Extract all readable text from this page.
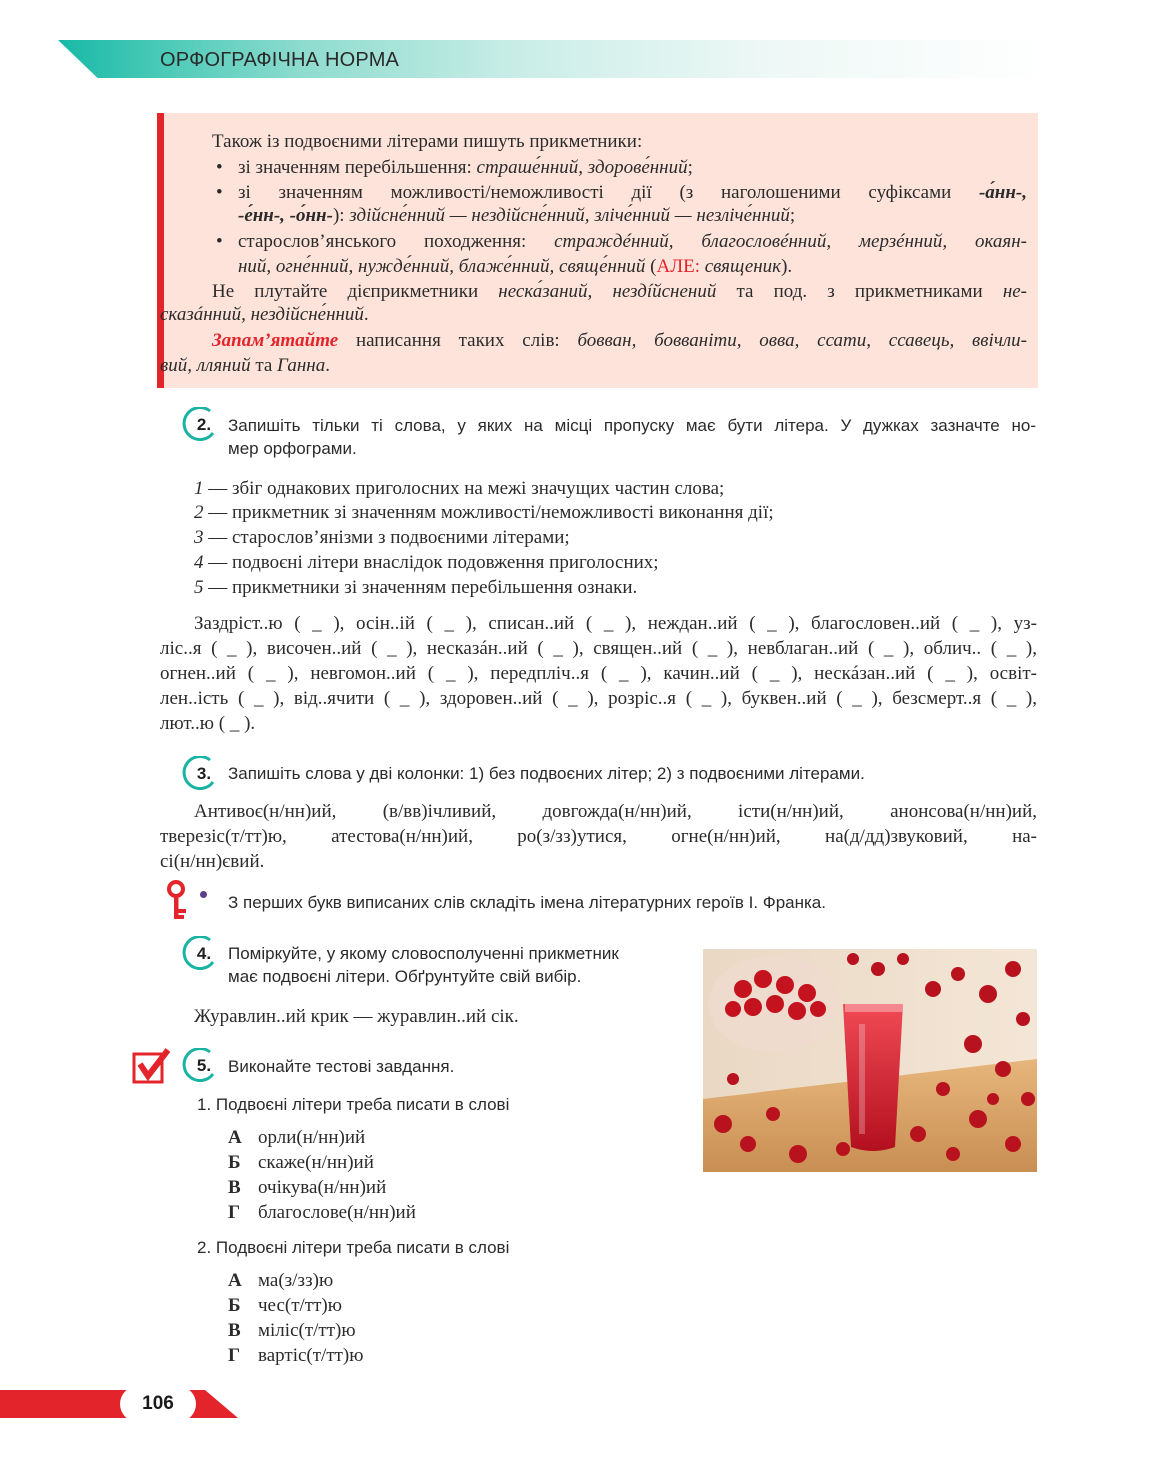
ОРФОГРАФІЧНА НОРМА
Також із подвоєними літерами пишуть прикметники:
• зі значенням перебільшення: страше́нний, здорове́нний;
• зі значенням можливості/неможливості дії (з наголошеними суфіксами -а́нн-,
-е́нн-, -о́нн-): здійсне́нний — нездійсне́нний, злiче́нний — незлiче́нний;
• старослов’янського походження: страждéнний, благословéнний, мерзéнний, окаян-
ний, огне́нний, нужде́нний, блаже́нний, свяще́нний (АЛЕ: священик).
Не плутайте дієприкметники неска́заний, нездíйснений та под. з прикметниками не-
сказáнний, нездійсне́нний.
Запам’ятайте написання таких слів: бовван, бовваніти, овва, ссати, ссавець, ввічли-
вий, лляний та Ганна.
2. Запишіть тільки ті слова, у яких на місці пропуску має бути літера. У дужках зазначте но-
мер орфограми.
1 — збіг однакових приголосних на межі значущих частин слова;
2 — прикметник зі значенням можливості/неможливості виконання дії;
3 — старослов’янізми з подвоєними літерами;
4 — подвоєні літери внаслідок подовження приголосних;
5 — прикметники зі значенням перебільшення ознаки.
Заздріст..ю ( _ ), осін..ій ( _ ), списан..ий ( _ ), неждан..ий ( _ ), благословен..ий ( _ ), уз-
ліс..я ( _ ), височен..ий ( _ ), несказáн..ий ( _ ), священ..ий ( _ ), невблаган..ий ( _ ), облич.. ( _ ),
огнен..ий ( _ ), невгомон..ий ( _ ), передпліч..я ( _ ), качин..ий ( _ ), нескáзан..ий ( _ ), освіт-
лен..ість ( _ ), від..ячити ( _ ), здоровен..ий ( _ ), розріс..я ( _ ), буквен..ий ( _ ), безсмерт..я ( _ ),
лют..ю ( _ ).
3. Запишіть слова у дві колонки: 1) без подвоєних літер; 2) з подвоєними літерами.
Антивоє(н/нн)ий, (в/вв)ічливий, довгожда(н/нн)ий, істи(н/нн)ий, анонсова(н/нн)ий,
тверезіс(т/тт)ю, атестова(н/нн)ий, ро(з/зз)утися, огне(н/нн)ий, на(д/дд)звуковий, на-
сі(н/нн)євий.
З перших букв виписаних слів складіть імена літературних героїв І. Франка.
4. Поміркуйте, у якому словосполученні прикметник
має подвоєні літери. Обґрунтуйте свій вибір.
Журавлин..ий крик — журавлин..ий сік.
5. Виконайте тестові завдання.
1. Подвоєні літери треба писати в слові
А орли(н/нн)ий
Б скаже(н/нн)ий
В очікува(н/нн)ий
Г благослове(н/нн)ий
2. Подвоєні літери треба писати в слові
А ма(з/зз)ю
Б чес(т/тт)ю
В міліс(т/тт)ю
Г вартіс(т/тт)ю
106
